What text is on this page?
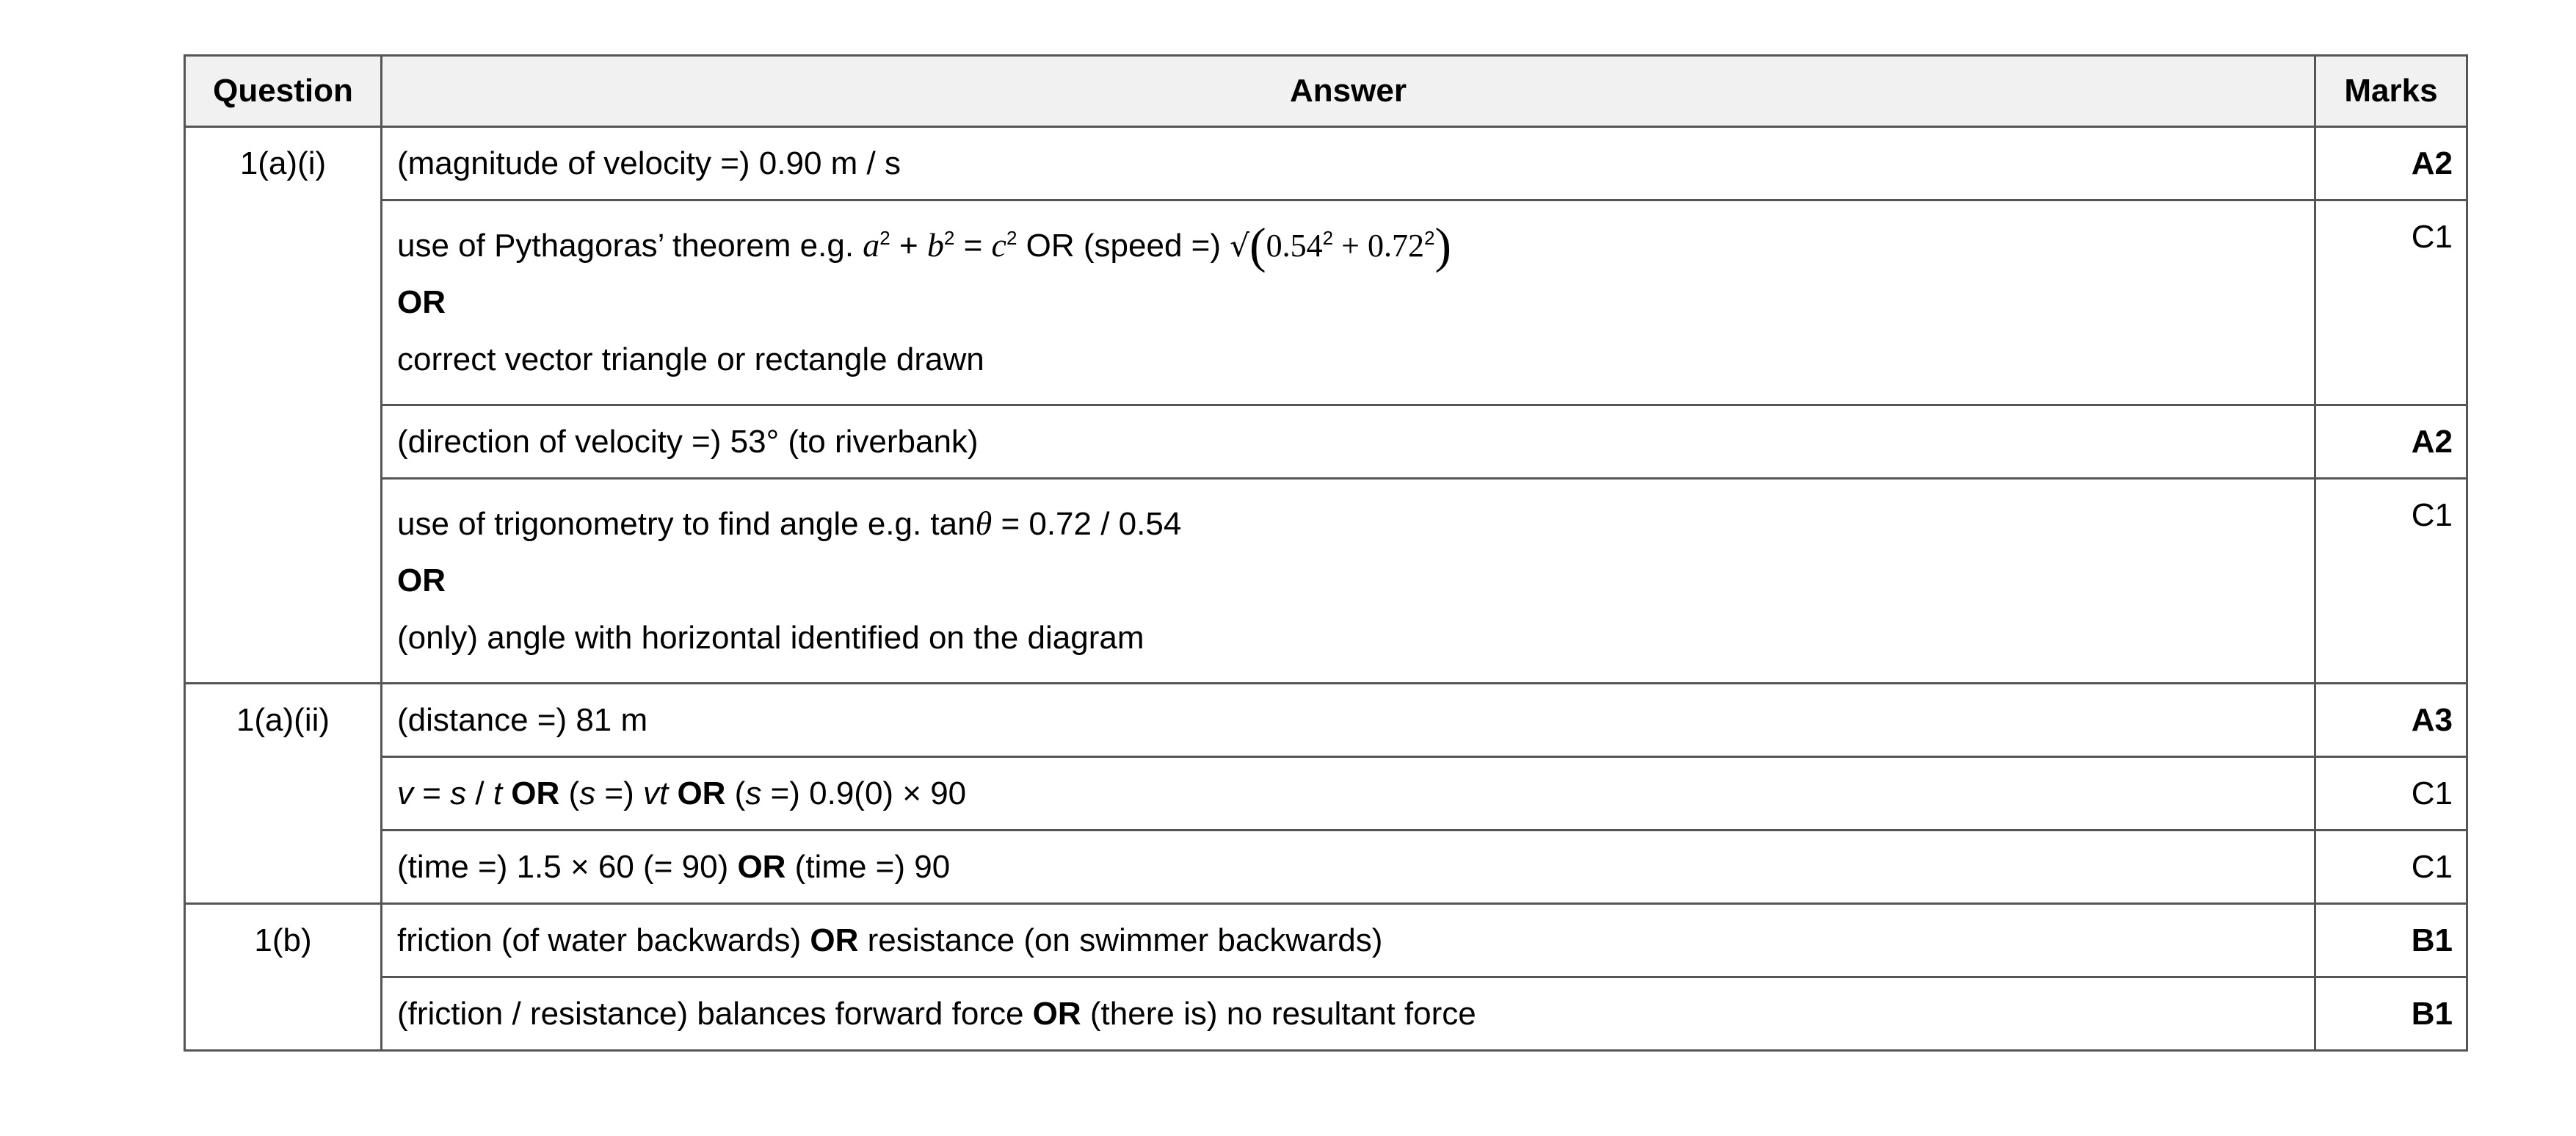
Question	Answer	Marks
1(a)(i)	(magnitude of velocity =) 0.90 m / s	A2

	use of Pythagoras’ theorem e.g. $a^2 + b^2 = c^2$ OR (speed =) $√(0.54^2 + 0.72^2)$
OR
correct vector triangle or rectangle drawn	C1
	(direction of velocity =) 53° (to riverbank)	A2

	use of trigonometry to find angle e.g. tanθ = 0.72 / 0.54
OR
(only) angle with horizontal identified on the diagram	C1
1(a)(ii)	(distance =) 81 m	A3
	v = s / t OR (s =) vt OR (s =) 0.9(0) × 90	C1
	(time =) 1.5 × 60 (= 90) OR (time =) 90	C1
1(b)	friction (of water backwards) OR resistance (on swimmer backwards)	B1
	(friction / resistance) balances forward force OR (there is) no resultant force	B1
